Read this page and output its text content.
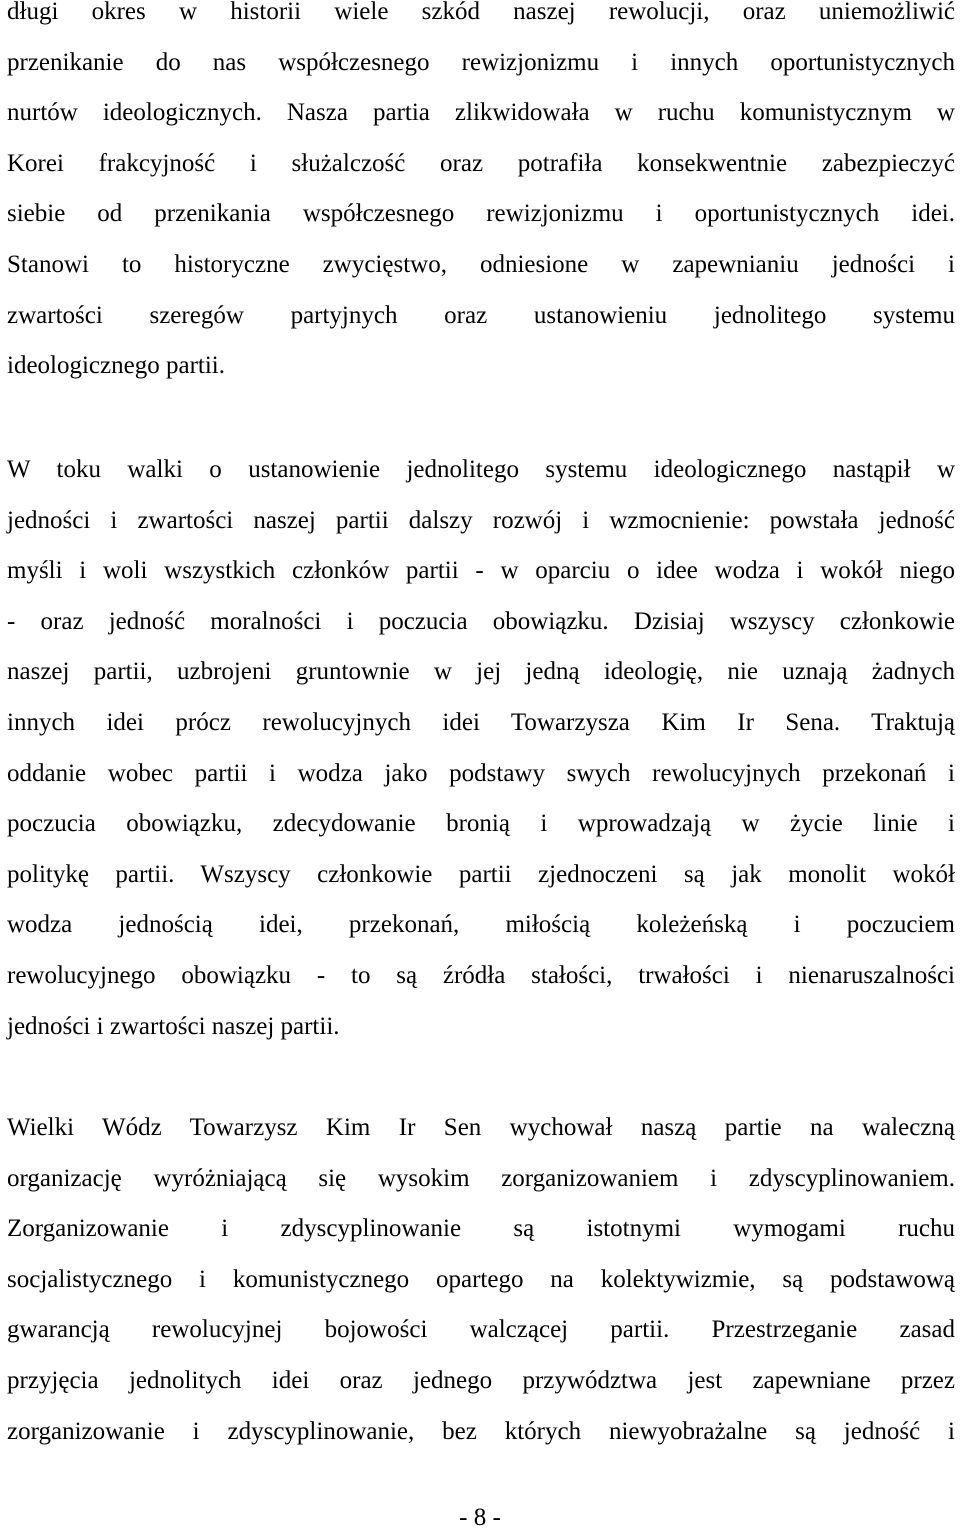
długi okres w historii wiele szkód naszej rewolucji, oraz uniemożliwić
przenikanie do nas współczesnego rewizjonizmu i innych oportunistycznych
nurtów ideologicznych. Nasza partia zlikwidowała w ruchu komunistycznym w
Korei frakcyjność i służalczość oraz potrafiła konsekwentnie zabezpieczyć
siebie od przenikania współczesnego rewizjonizmu i oportunistycznych idei.
Stanowi to historyczne zwycięstwo, odniesione w zapewnianiu jedności i
zwartości szeregów partyjnych oraz ustanowieniu jednolitego systemu
ideologicznego partii.
W toku walki o ustanowienie jednolitego systemu ideologicznego nastąpił w
jedności i zwartości naszej partii dalszy rozwój i wzmocnienie: powstała jedność
myśli i woli wszystkich członków partii - w oparciu o idee wodza i wokół niego
- oraz jedność moralności i poczucia obowiązku. Dzisiaj wszyscy członkowie
naszej partii, uzbrojeni gruntownie w jej jedną ideologię, nie uznają żadnych
innych idei prócz rewolucyjnych idei Towarzysza Kim Ir Sena. Traktują
oddanie wobec partii i wodza jako podstawy swych rewolucyjnych przekonań i
poczucia obowiązku, zdecydowanie bronią i wprowadzają w życie linie i
politykę partii. Wszyscy członkowie partii zjednoczeni są jak monolit wokół
wodza jednością idei, przekonań, miłością koleżeńską i poczuciem
rewolucyjnego obowiązku - to są źródła stałości, trwałości i nienaruszalności
jedności i zwartości naszej partii.
Wielki Wódz Towarzysz Kim Ir Sen wychował naszą partie na waleczną
organizację wyróżniającą się wysokim zorganizowaniem i zdyscyplinowaniem.
Zorganizowanie i zdyscyplinowanie są istotnymi wymogami ruchu
socjalistycznego i komunistycznego opartego na kolektywizmie, są podstawową
gwarancją rewolucyjnej bojowości walczącej partii. Przestrzeganie zasad
przyjęcia jednolitych idei oraz jednego przywództwa jest zapewniane przez
zorganizowanie i zdyscyplinowanie, bez których niewyobrażalne są jedność i
- 8 -
